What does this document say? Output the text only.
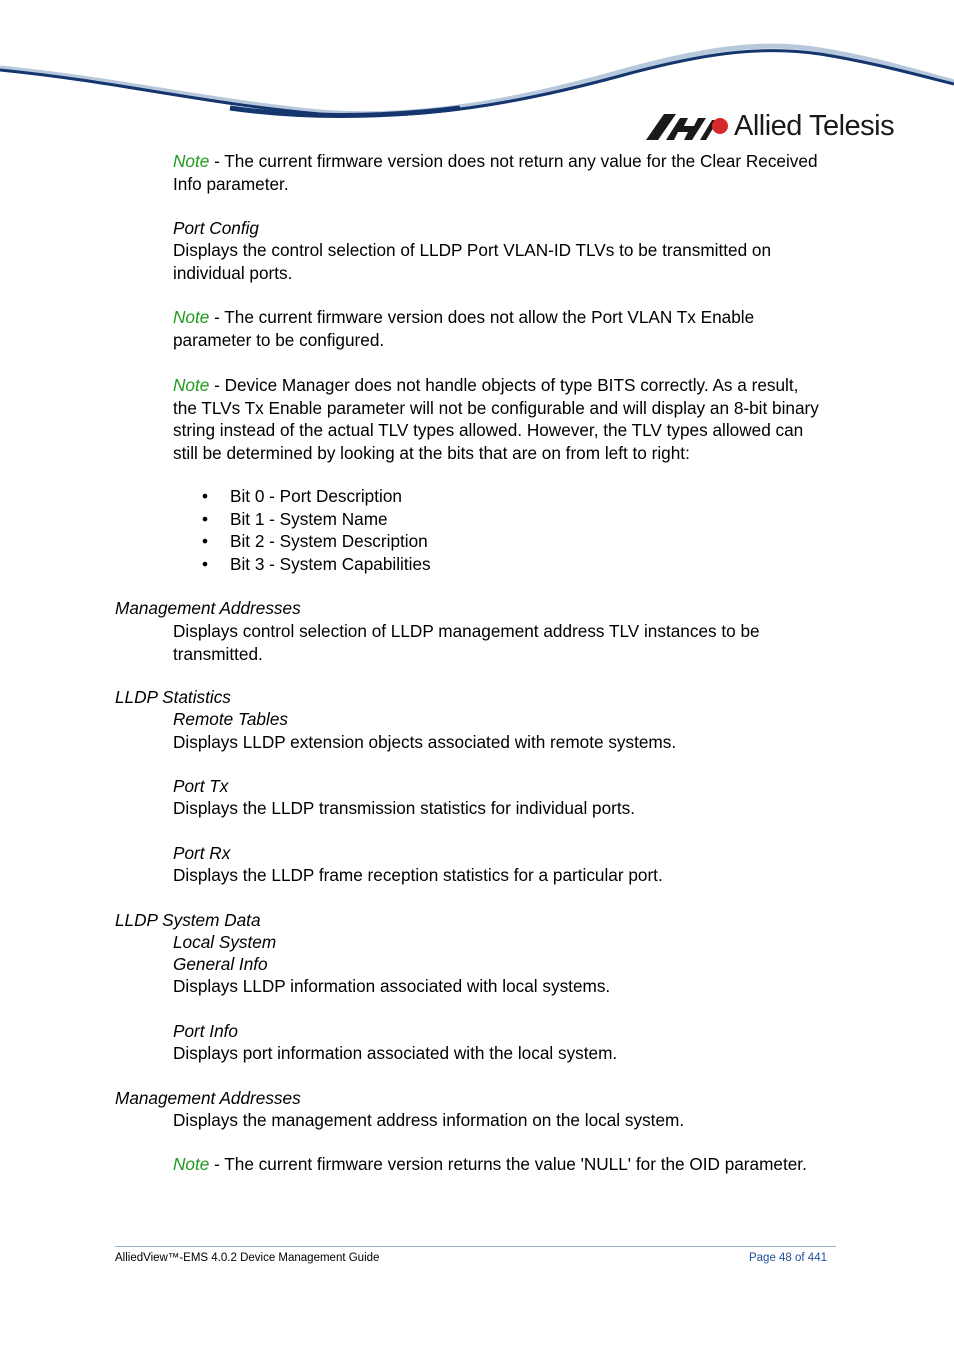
Allied Telesis

Note - The current firmware version does not return any value for the Clear Received Info parameter.

Port Config

Displays the control selection of LLDP Port VLAN-ID TLVs to be transmitted on individual ports.

Note - The current firmware version does not allow the Port VLAN Tx Enable parameter to be configured.

Note - Device Manager does not handle objects of type BITS correctly. As a result, the TLVs Tx Enable parameter will not be configurable and will display an 8-bit binary string instead of the actual TLV types allowed. However, the TLV types allowed can still be determined by looking at the bits that are on from left to right:

• Bit 0 - Port Description
• Bit 1 - System Name
• Bit 2 - System Description
• Bit 3 - System Capabilities

Management Addresses

Displays control selection of LLDP management address TLV instances to be transmitted.

LLDP Statistics

Remote Tables

Displays LLDP extension objects associated with remote systems.

Port Tx

Displays the LLDP transmission statistics for individual ports.

Port Rx

Displays the LLDP frame reception statistics for a particular port.

LLDP System Data

Local System

General Info

Displays LLDP information associated with local systems.

Port Info

Displays port information associated with the local system.

Management Addresses

Displays the management address information on the local system.

Note - The current firmware version returns the value 'NULL' for the OID parameter.

AlliedView™-EMS 4.0.2 Device Management Guide	Page 48 of 441
